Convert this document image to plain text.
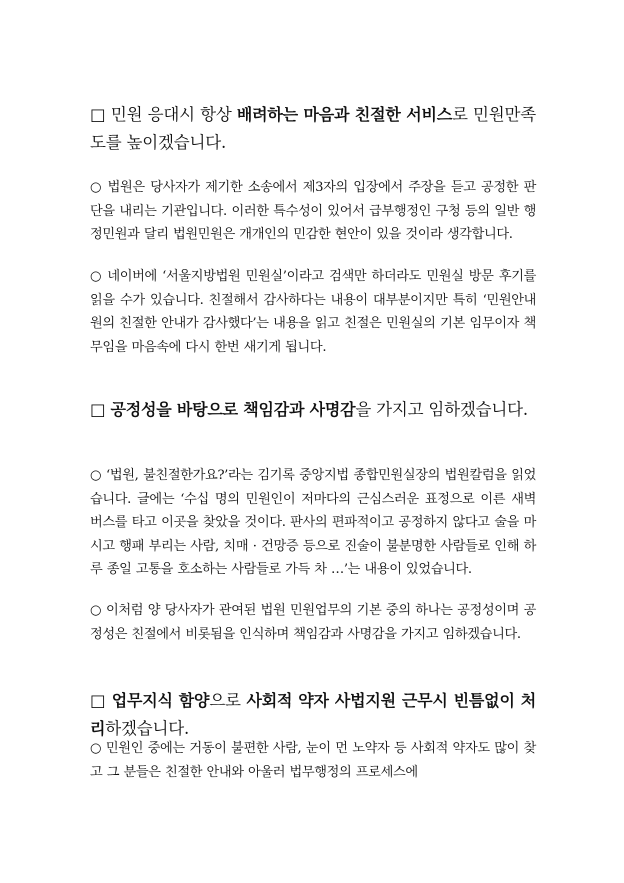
□ 민원 응대시 항상 배려하는 마음과 친절한 서비스로 민원만족도를 높이겠습니다.
○ 법원은 당사자가 제기한 소송에서 제3자의 입장에서 주장을 듣고 공정한 판단을 내리는 기관입니다. 이러한 특수성이 있어서 급부행정인 구청 등의 일반 행정민원과 달리 법원민원은 개개인의 민감한 현안이 있을 것이라 생각합니다.
○ 네이버에 ‘서울지방법원 민원실’이라고 검색만 하더라도 민원실 방문 후기를 읽을 수가 있습니다. 친절해서 감사하다는 내용이 대부분이지만 특히 ‘민원안내원의 친절한 안내가 감사했다’는 내용을 읽고 친절은 민원실의 기본 임무이자 책무임을 마음속에 다시 한번 새기게 됩니다.
□ 공정성을 바탕으로 책임감과 사명감을 가지고 임하겠습니다.
○ ‘법원, 불친절한가요?’라는 김기록 중앙지법 종합민원실장의 법원칼럼을 읽었습니다. 글에는 ‘수십 명의 민원인이 저마다의 근심스러운 표정으로 이른 새벽 버스를 타고 이곳을 찾았을 것이다. 판사의 편파적이고 공정하지 않다고 술을 마시고 행패 부리는 사람, 치매 · 건망증 등으로 진술이 불분명한 사람들로 인해 하루 종일 고통을 호소하는 사람들로 가득 차 …’는 내용이 있었습니다.
○ 이처럼 양 당사자가 관여된 법원 민원업무의 기본 중의 하나는 공정성이며 공정성은 친절에서 비롯됨을 인식하며 책임감과 사명감을 가지고 임하겠습니다.
□ 업무지식 함양으로 사회적 약자 사법지원 근무시 빈틈없이 처리하겠습니다.
○ 민원인 중에는 거동이 불편한 사람, 눈이 먼 노약자 등 사회적 약자도 많이 찾고 그 분들은 친절한 안내와 아울러 법무행정의 프로세스에
